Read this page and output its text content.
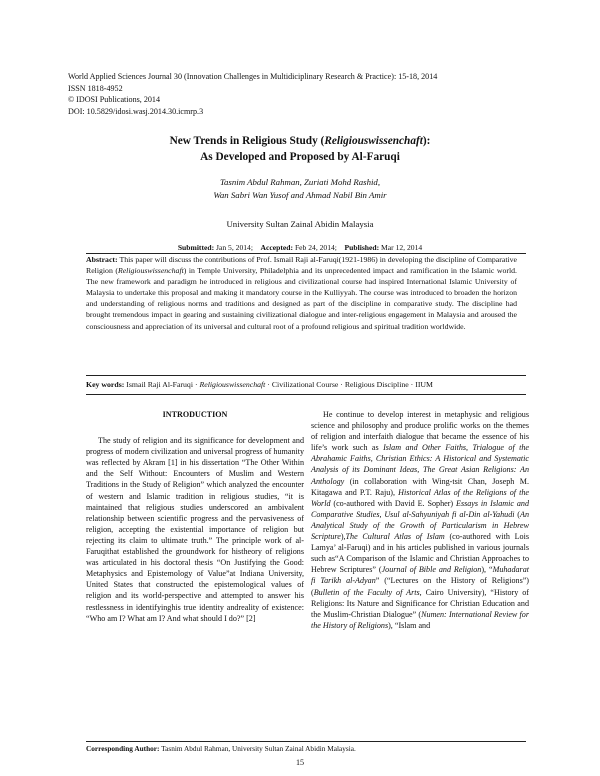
World Applied Sciences Journal 30 (Innovation Challenges in Multidiciplinary Research & Practice): 15-18, 2014
ISSN 1818-4952
© IDOSI Publications, 2014
DOI: 10.5829/idosi.wasj.2014.30.icmrp.3
New Trends in Religious Study (Religiouswissenchaft):
As Developed and Proposed by Al-Faruqi
Tasnim Abdul Rahman, Zuriati Mohd Rashid,
Wan Sabri Wan Yusof and Ahmad Nabil Bin Amir
University Sultan Zainal Abidin Malaysia
Submitted: Jan 5, 2014; Accepted: Feb 24, 2014; Published: Mar 12, 2014
Abstract: This paper will discuss the contributions of Prof. Ismail Raji al-Faruqi(1921-1986) in developing the discipline of Comparative Religion (Religiouswissenchaft) in Temple University, Philadelphia and its unprecedented impact and ramification in the Islamic world. The new framework and paradigm he introduced in religious and civilizational course had inspired International Islamic University of Malaysia to undertake this proposal and making it mandatory course in the Kulliyyah. The course was introduced to broaden the horizon and understanding of religious norms and traditions and designed as part of the discipline in comparative study. The discipline had brought tremendous impact in gearing and sustaining civilizational dialogue and inter-religious engagement in Malaysia and aroused the consciousness and appreciation of its universal and cultural root of a profound religious and spiritual tradition worldwide.
Key words: Ismail Raji Al-Faruqi · Religiouswissenchaft · Civilizational Course · Religious Discipline · IIUM
INTRODUCTION
The study of religion and its significance for development and progress of modern civilization and universal progress of humanity was reflected by Akram [1] in his dissertation “The Other Within and the Self Without: Encounters of Muslim and Western Traditions in the Study of Religion” which analyzed the encounter of western and Islamic tradition in religious studies, “it is maintained that religious studies underscored an ambivalent relationship between scientific progress and the pervasiveness of religion, accepting the existential importance of religion but rejecting its claim to ultimate truth.” The principle work of al-Faruqithat established the groundwork for histheory of religions was articulated in his doctoral thesis “On Justifying the Good: Metaphysics and Epistemology of Value”at Indiana University, United States that constructed the epistemological values of religion and its world-perspective and attempted to answer his restlessness in identifyinghis true identity andreality of existence: “Who am I? What am I? And what should I do?” [2]
He continue to develop interest in metaphysic and religious science and philosophy and produce prolific works on the themes of religion and interfaith dialogue that became the essence of his life’s work such as Islam and Other Faiths, Trialogue of the Abrahamic Faiths, Christian Ethics: A Historical and Systematic Analysis of its Dominant Ideas, The Great Asian Religions: An Anthology (in collaboration with Wing-tsit Chan, Joseph M. Kitagawa and P.T. Raju), Historical Atlas of the Religions of the World (co-authored with David E. Sopher) Essays in Islamic and Comparative Studies, Usul al-Sahyuniyah fi al-Din al-Yahudi (An Analytical Study of the Growth of Particularism in Hebrew Scripture),The Cultural Atlas of Islam (co-authored with Lois Lamya’ al-Faruqi) and in his articles published in various journals such as“A Comparison of the Islamic and Christian Approaches to Hebrew Scriptures” (Journal of Bible and Religion), “Muhadarat fi Tarikh al-Adyan” (“Lectures on the History of Religions”) (Bulletin of the Faculty of Arts, Cairo University), “History of Religions: Its Nature and Significance for Christian Education and the Muslim-Christian Dialogue” (Numen: International Review for the History of Religions), “Islam and
Corresponding Author: Tasnim Abdul Rahman, University Sultan Zainal Abidin Malaysia.
15
